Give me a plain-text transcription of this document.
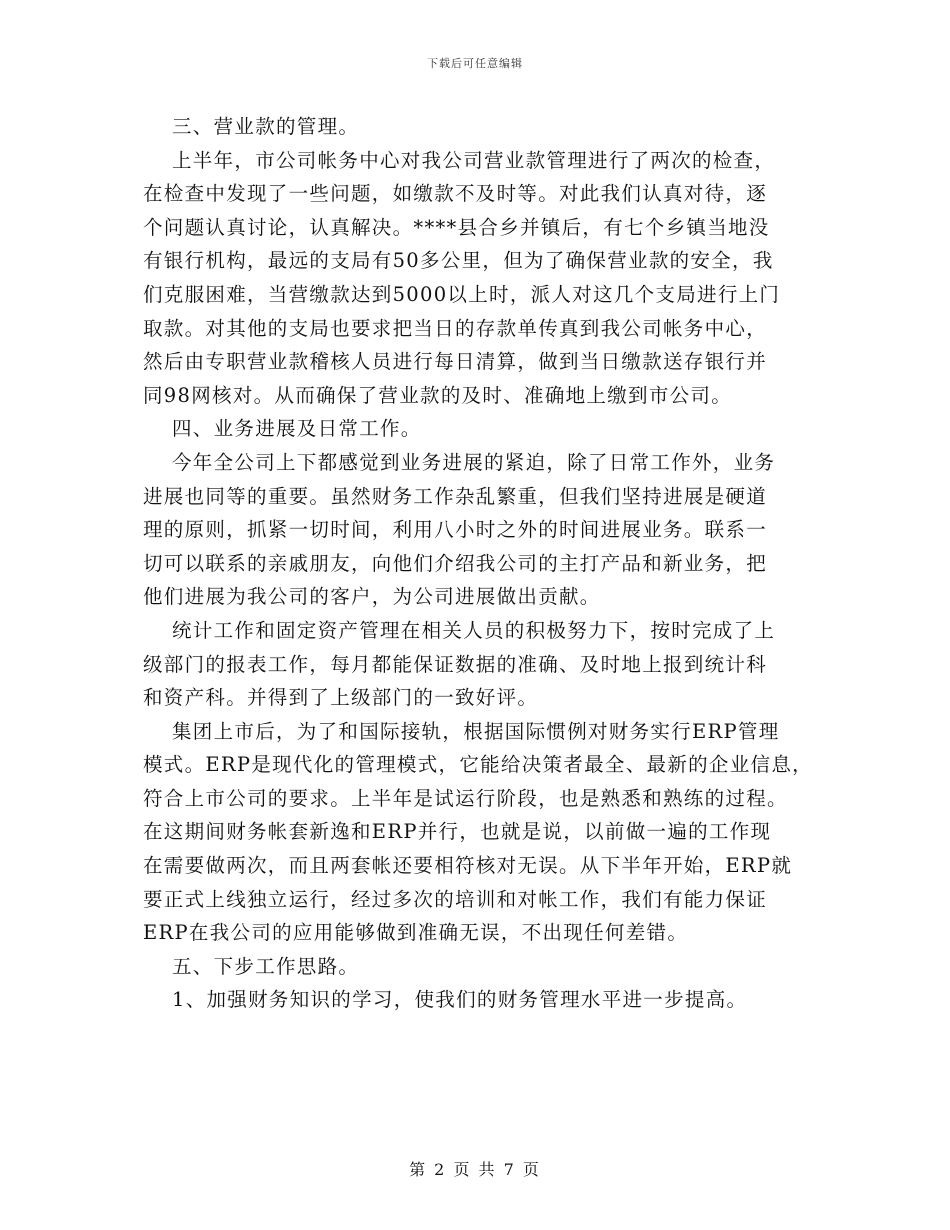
下载后可任意编辑
三、营业款的管理。
上半年，市公司帐务中心对我公司营业款管理进行了两次的检查，
在检查中发现了一些问题，如缴款不及时等。对此我们认真对待，逐
个问题认真讨论，认真解决。****县合乡并镇后，有七个乡镇当地没
有银行机构，最远的支局有50多公里，但为了确保营业款的安全，我
们克服困难，当营缴款达到5000以上时，派人对这几个支局进行上门
取款。对其他的支局也要求把当日的存款单传真到我公司帐务中心，
然后由专职营业款稽核人员进行每日清算，做到当日缴款送存银行并
同98网核对。从而确保了营业款的及时、准确地上缴到市公司。
四、业务进展及日常工作。
今年全公司上下都感觉到业务进展的紧迫，除了日常工作外，业务
进展也同等的重要。虽然财务工作杂乱繁重，但我们坚持进展是硬道
理的原则，抓紧一切时间，利用八小时之外的时间进展业务。联系一
切可以联系的亲戚朋友，向他们介绍我公司的主打产品和新业务，把
他们进展为我公司的客户，为公司进展做出贡献。
统计工作和固定资产管理在相关人员的积极努力下，按时完成了上
级部门的报表工作，每月都能保证数据的准确、及时地上报到统计科
和资产科。并得到了上级部门的一致好评。
集团上市后，为了和国际接轨，根据国际惯例对财务实行ERP管理
模式。ERP是现代化的管理模式，它能给决策者最全、最新的企业信息，
符合上市公司的要求。上半年是试运行阶段，也是熟悉和熟练的过程。
在这期间财务帐套新逸和ERP并行，也就是说，以前做一遍的工作现
在需要做两次，而且两套帐还要相符核对无误。从下半年开始，ERP就
要正式上线独立运行，经过多次的培训和对帐工作，我们有能力保证
ERP在我公司的应用能够做到准确无误，不出现任何差错。
五、下步工作思路。
1、加强财务知识的学习，使我们的财务管理水平进一步提高。
第 2 页 共 7 页
